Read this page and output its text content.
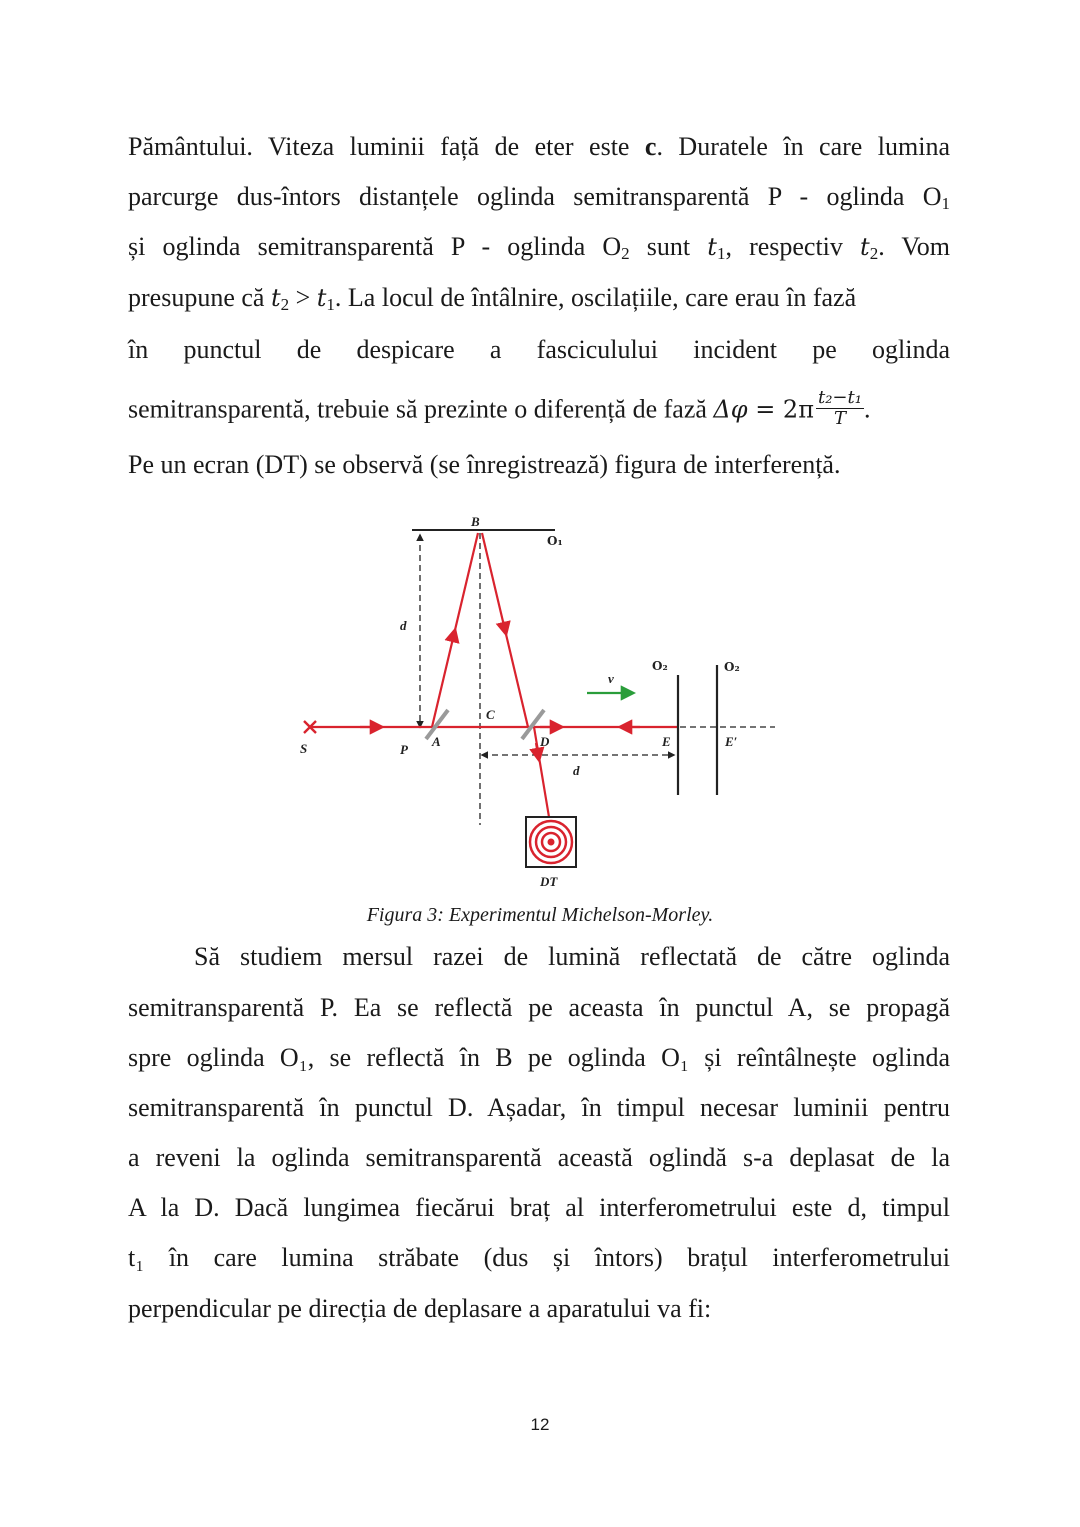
Pământului. Viteza luminii față de eter este c. Duratele în care lumina
parcurge dus-întors distanțele oglinda semitransparentă P - oglinda $O_1$
și oglinda semitransparentă P - oglinda $O_2$ sunt $t_1$, respectiv $t_2$. Vom
presupune că $t_2 > t_1$. La locul de întâlnire, oscilațiile, care erau în fază
în punctul de despicare a fasciculului incident pe oglinda
semitransparentă, trebuie să prezinte o diferență de fază $\Delta\varphi = 2\pi \frac{\text{t₂−t₁}}{T}$ .
Pe un ecran (DT) se observă (se înregistrează) figura de interferență.
B
O₁
d
S	P
A
C
D
v⃗
O₂	O₂
E	E′
d
DT
Figura 3: Experimentul Michelson-Morley.
Să studiem mersul razei de lumină reflectată de către oglinda
semitransparentă P. Ea se reflectă pe aceasta în punctul A, se propagă
spre oglinda O₁, se reflectă în B pe oglinda O₁ și reîntâlnește oglinda
semitransparentă în punctul D. Așadar, în timpul necesar luminii pentru
a reveni la oglinda semitransparentă această oglindă s-a deplasat de la
A la D. Dacă lungimea fiecărui braț al interferometrului este d, timpul
t₁ în care lumina străbate (dus și întors) brațul interferometrului
perpendicular pe direcția de deplasare a aparatului va fi:
12
